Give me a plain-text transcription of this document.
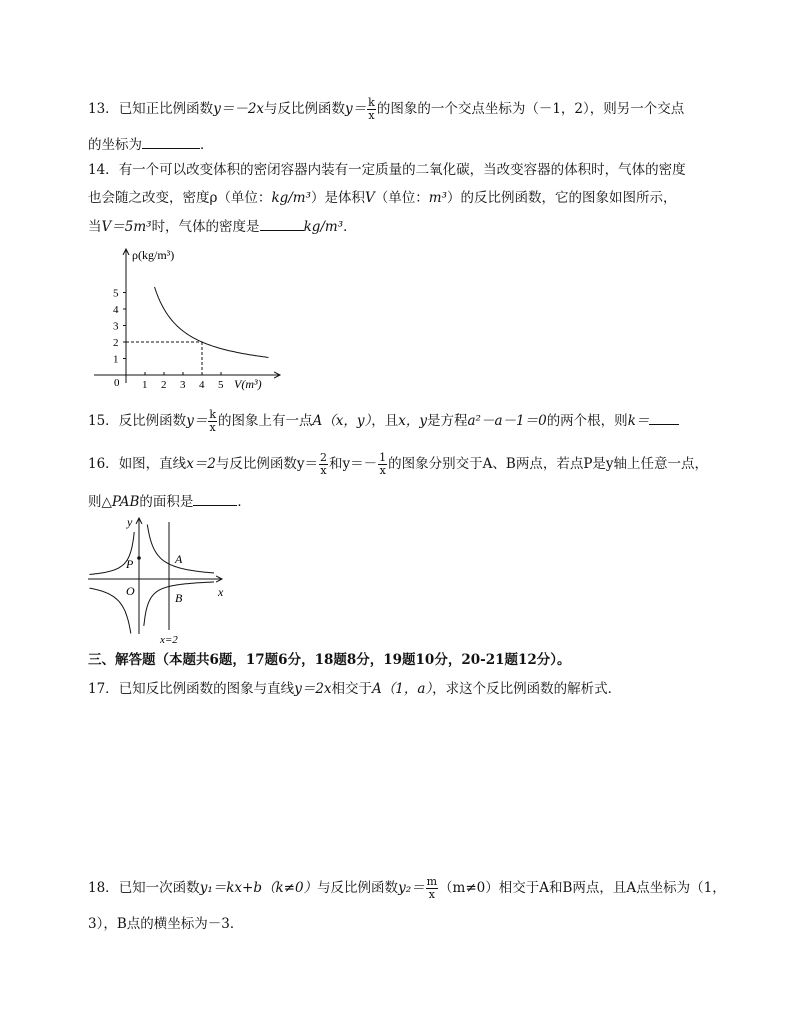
13．已知正比例函数y＝－2x与反比例函数$y= \frac{k}{x}$ 的图象的一个交点坐标为（－1，2），则另一个交点
的坐标为	．
14．有一个可以改变体积的密闭容器内装有一定质量的二氧化碳，当改变容器的体积时，气体的密度
也会随之改变，密度ρ（单位：kg/m³）是体积V（单位：m³）的反比例函数，它的图象如图所示，
当V＝5m³时，气体的密度是	kg/m³．
ρ(kg/m³)
V(m³)
0
1
2
3
4
5
1 2 3 4 5
15．反比例函数$y= \frac{k}{x}$ 的图象上有一点A（x，y），且x，y是方程a²－a－1＝0的两个根，则k＝
16．如图，直线x＝2与反比例函数$y= \frac{2}{x}$ 和$y=- \frac{1}{x}$ 的图象分别交于A、B两点，若点P是y轴上任意一点，
则△PAB的面积是	．
y
x
P	A
O	B
x=2
三、解答题（本题共6题，17题6分，18题8分，19题10分，20-21题12分）。
17．已知反比例函数的图象与直线y＝2x相交于A（1，a），求这个反比例函数的解析式．
18．已知一次函数y₁＝kx+b（k≠0）与反比例函数$y_2= \frac{m}{x} (m\ne 0)$相交于A和B两点，且A点坐标为（1，
3），B点的横坐标为－3．
